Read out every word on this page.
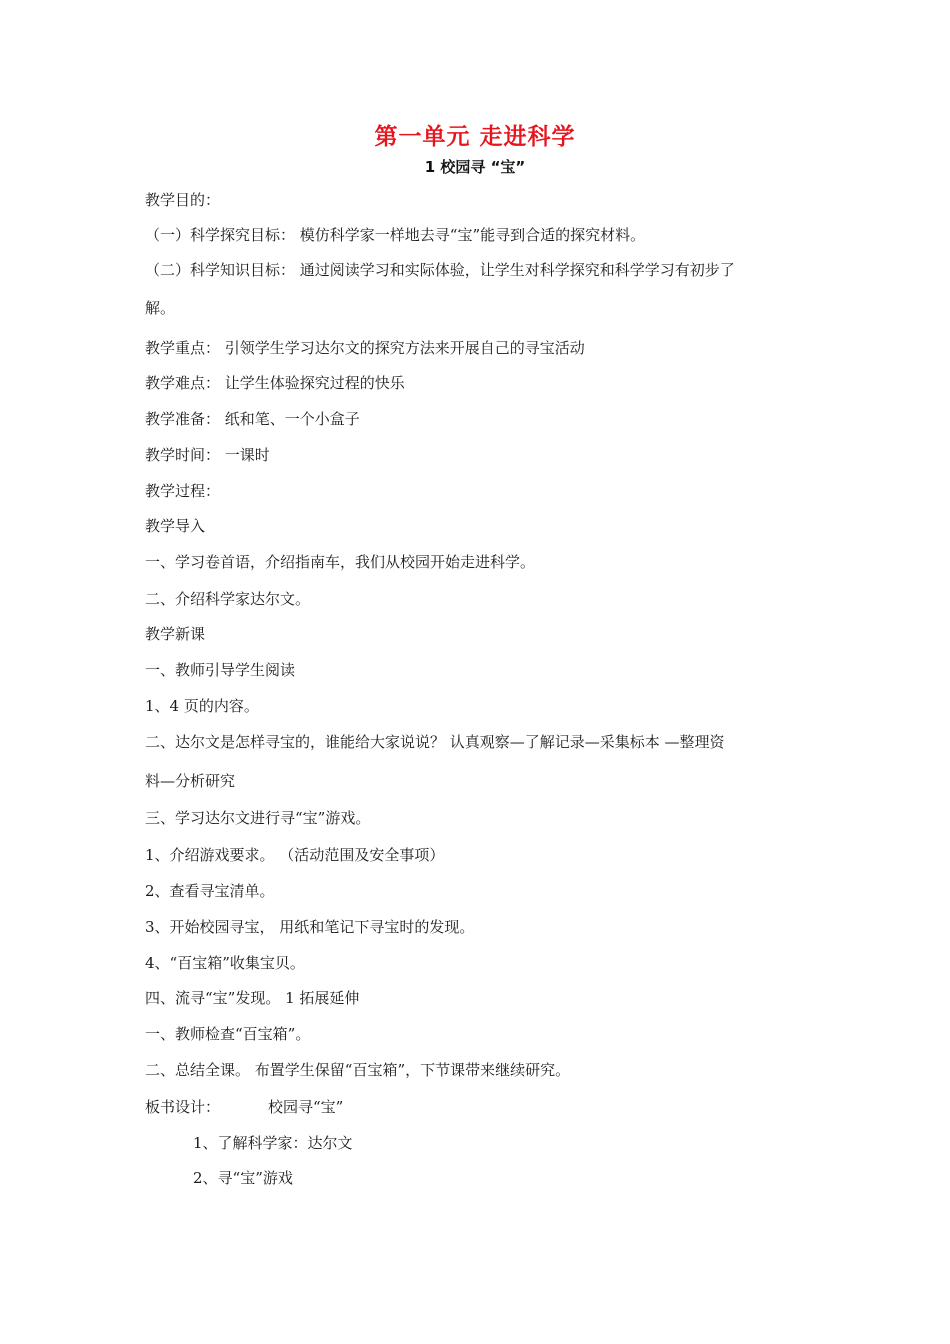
第一单元 走进科学
1 校园寻 “宝”
教学目的：
（一）科学探究目标： 模仿科学家一样地去寻“宝”能寻到合适的探究材料。
（二）科学知识目标： 通过阅读学习和实际体验，让学生对科学探究和科学学习有初步了
解。
教学重点： 引领学生学习达尔文的探究方法来开展自己的寻宝活动
教学难点： 让学生体验探究过程的快乐
教学准备： 纸和笔、一个小盒子
教学时间： 一课时
教学过程：
教学导入
一、学习卷首语，介绍指南车，我们从校园开始走进科学。
二、介绍科学家达尔文。
教学新课
一、教师引导学生阅读
1、4 页的内容。
二、达尔文是怎样寻宝的，谁能给大家说说？ 认真观察—了解记录—采集标本 —整理资
料—分析研究
三、学习达尔文进行寻“宝”游戏。
1、介绍游戏要求。 （活动范围及安全事项）
2、查看寻宝清单。
3、开始校园寻宝， 用纸和笔记下寻宝时的发现。
4、“百宝箱”收集宝贝。
四、流寻“宝”发现。 1 拓展延伸
一、教师检查“百宝箱”。
二、总结全课。 布置学生保留“百宝箱”，下节课带来继续研究。
板书设计：	校园寻“宝”
1、了解科学家：达尔文
2、寻“宝”游戏
